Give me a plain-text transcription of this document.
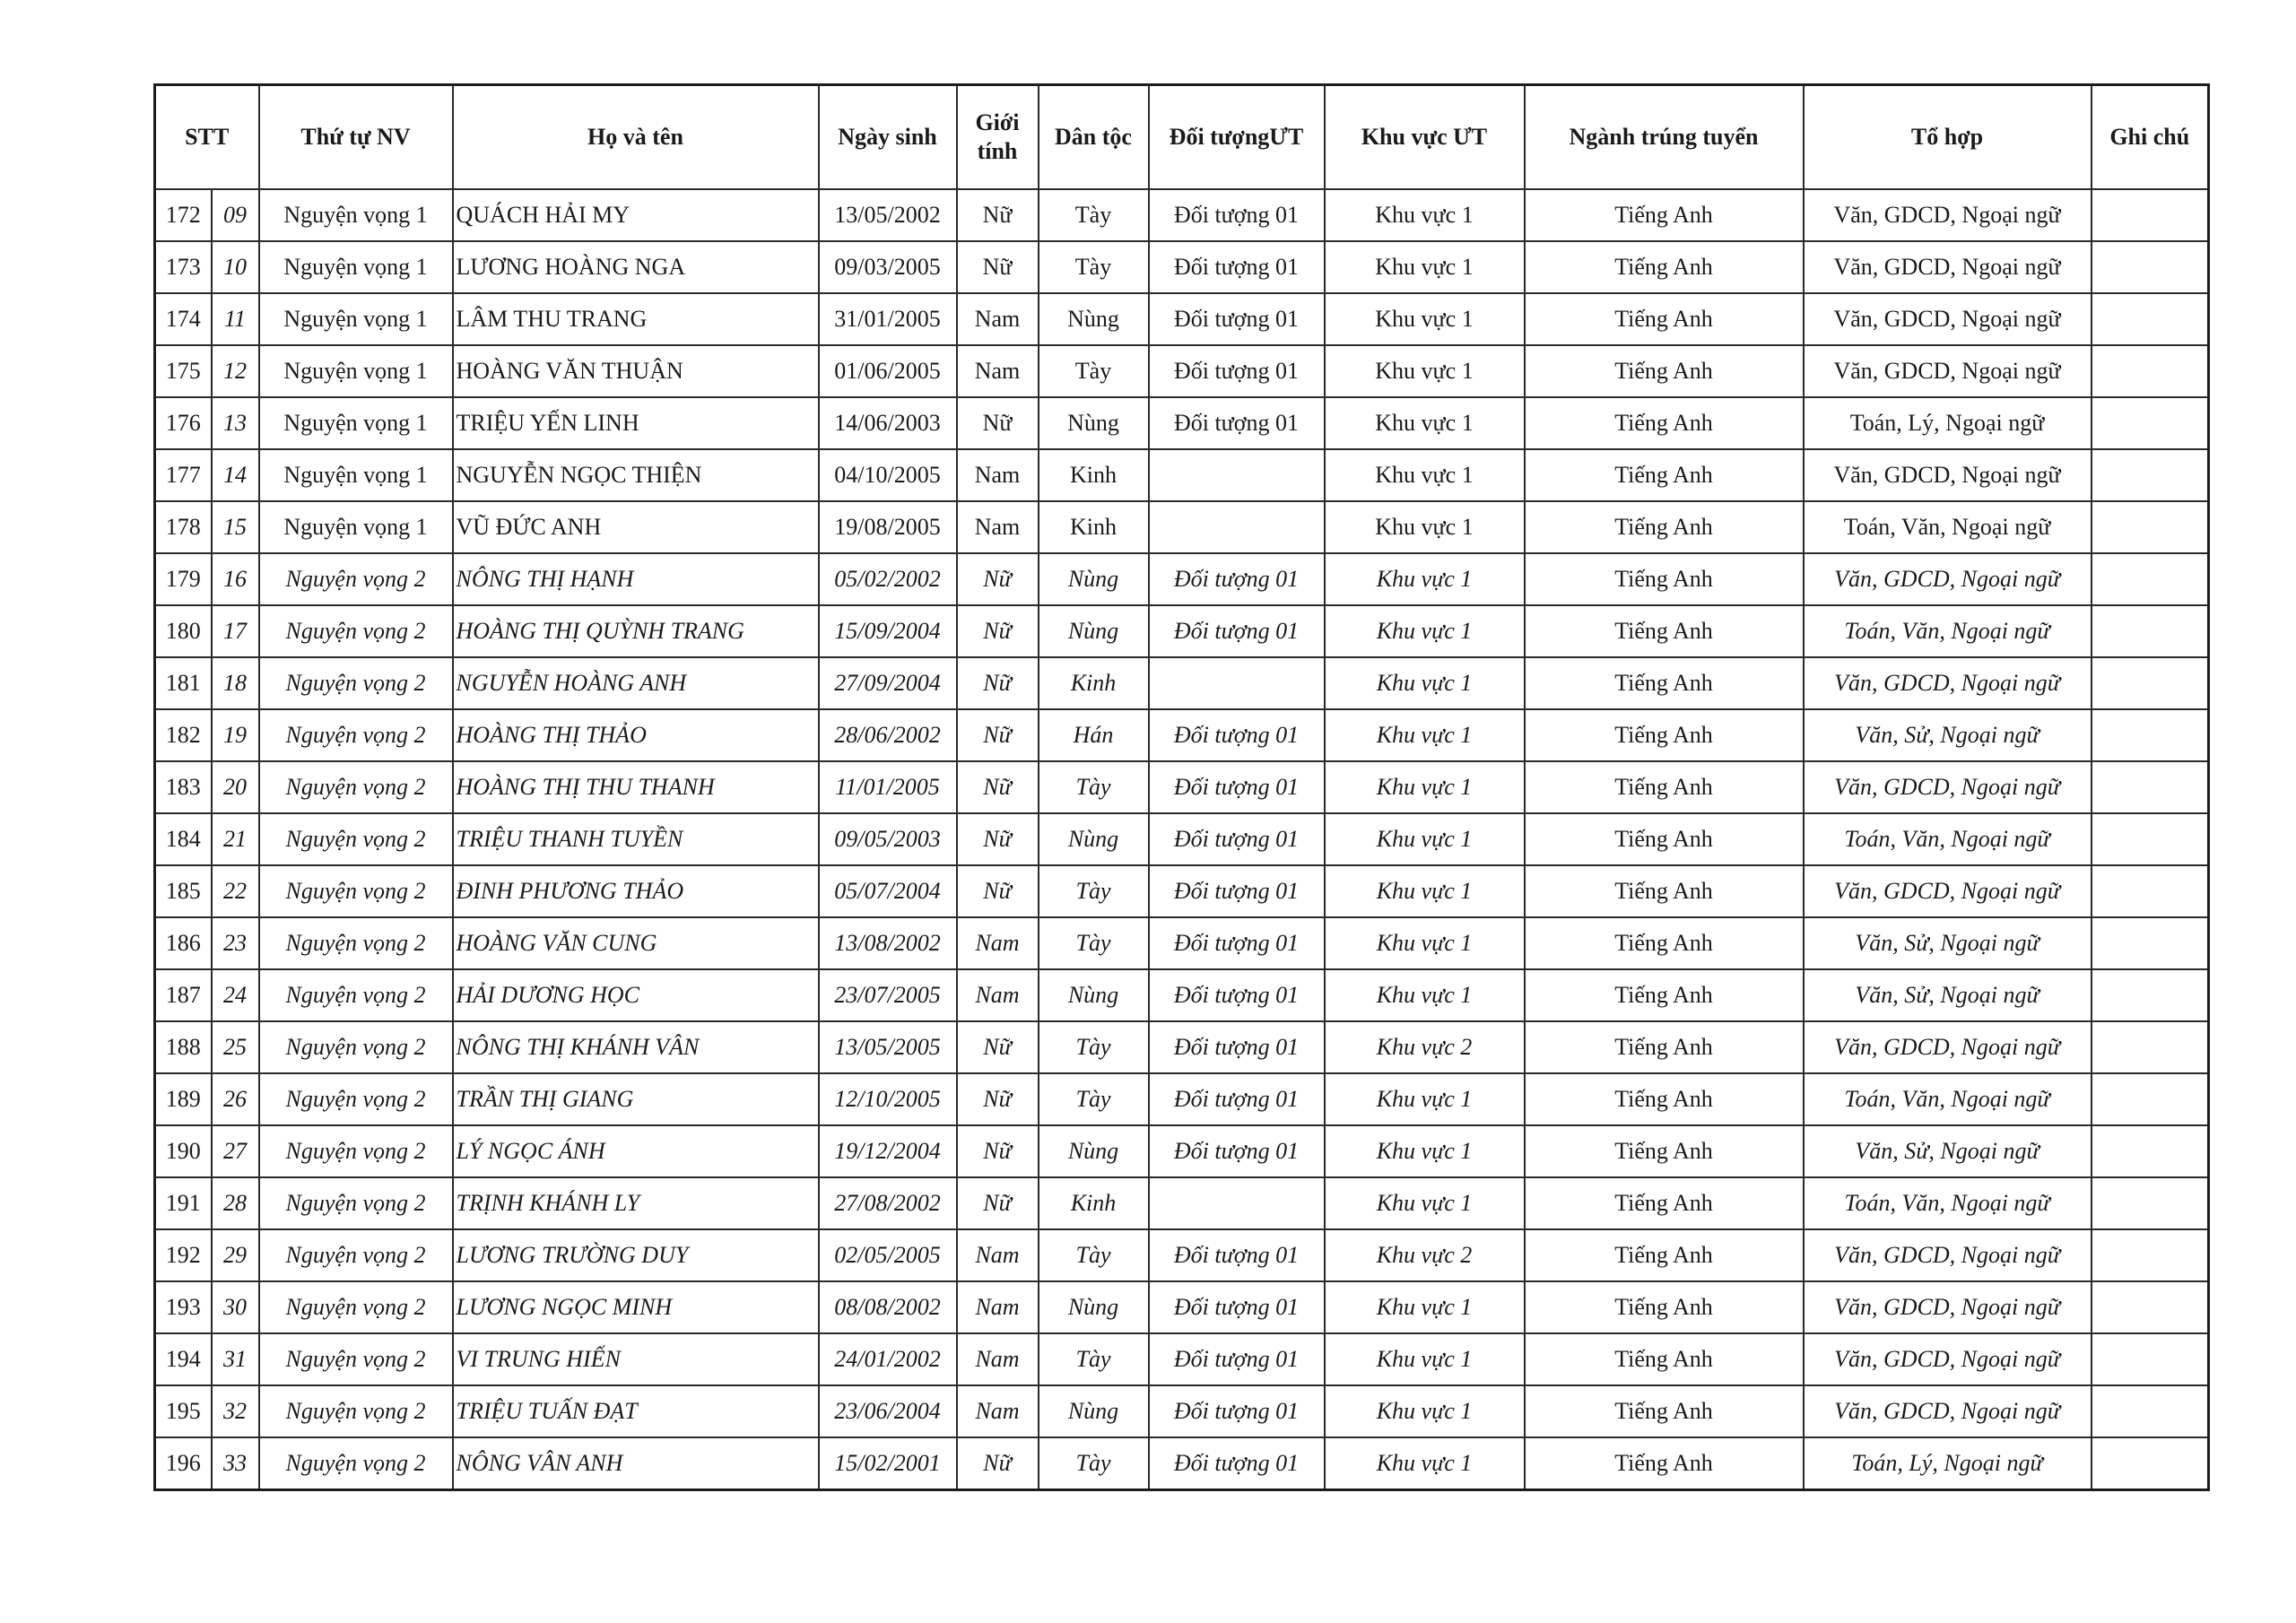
STT		Thứ tự NV	Họ và tên	Ngày sinh	Giới tính	Dân tộc	Đối tượngƯT	Khu vực ƯT	Ngành trúng tuyển	Tổ hợp	Ghi chú
172	09	Nguyện vọng 1	QUÁCH HẢI MY	13/05/2002	Nữ	Tày	Đối tượng 01	Khu vực 1	Tiếng Anh	Văn, GDCD, Ngoại ngữ	
173	10	Nguyện vọng 1	LƯƠNG HOÀNG NGA	09/03/2005	Nữ	Tày	Đối tượng 01	Khu vực 1	Tiếng Anh	Văn, GDCD, Ngoại ngữ	
174	11	Nguyện vọng 1	LÂM THU TRANG	31/01/2005	Nam	Nùng	Đối tượng 01	Khu vực 1	Tiếng Anh	Văn, GDCD, Ngoại ngữ	
175	12	Nguyện vọng 1	HOÀNG VĂN THUẬN	01/06/2005	Nam	Tày	Đối tượng 01	Khu vực 1	Tiếng Anh	Văn, GDCD, Ngoại ngữ	
176	13	Nguyện vọng 1	TRIỆU YẾN LINH	14/06/2003	Nữ	Nùng	Đối tượng 01	Khu vực 1	Tiếng Anh	Toán, Lý, Ngoại ngữ	
177	14	Nguyện vọng 1	NGUYỄN NGỌC THIỆN	04/10/2005	Nam	Kinh		Khu vực 1	Tiếng Anh	Văn, GDCD, Ngoại ngữ	
178	15	Nguyện vọng 1	VŨ ĐỨC ANH	19/08/2005	Nam	Kinh		Khu vực 1	Tiếng Anh	Toán, Văn, Ngoại ngữ	
179	16	Nguyện vọng 2	NÔNG THỊ HẠNH	05/02/2002	Nữ	Nùng	Đối tượng 01	Khu vực 1	Tiếng Anh	Văn, GDCD, Ngoại ngữ	
180	17	Nguyện vọng 2	HOÀNG THỊ QUỲNH TRANG	15/09/2004	Nữ	Nùng	Đối tượng 01	Khu vực 1	Tiếng Anh	Toán, Văn, Ngoại ngữ	
181	18	Nguyện vọng 2	NGUYỄN HOÀNG ANH	27/09/2004	Nữ	Kinh		Khu vực 1	Tiếng Anh	Văn, GDCD, Ngoại ngữ	
182	19	Nguyện vọng 2	HOÀNG THỊ THẢO	28/06/2002	Nữ	Hán	Đối tượng 01	Khu vực 1	Tiếng Anh	Văn, Sử, Ngoại ngữ	
183	20	Nguyện vọng 2	HOÀNG THỊ THU THANH	11/01/2005	Nữ	Tày	Đối tượng 01	Khu vực 1	Tiếng Anh	Văn, GDCD, Ngoại ngữ	
184	21	Nguyện vọng 2	TRIỆU THANH TUYỀN	09/05/2003	Nữ	Nùng	Đối tượng 01	Khu vực 1	Tiếng Anh	Toán, Văn, Ngoại ngữ	
185	22	Nguyện vọng 2	ĐINH PHƯƠNG THẢO	05/07/2004	Nữ	Tày	Đối tượng 01	Khu vực 1	Tiếng Anh	Văn, GDCD, Ngoại ngữ	
186	23	Nguyện vọng 2	HOÀNG VĂN CUNG	13/08/2002	Nam	Tày	Đối tượng 01	Khu vực 1	Tiếng Anh	Văn, Sử, Ngoại ngữ	
187	24	Nguyện vọng 2	HẢI DƯƠNG HỌC	23/07/2005	Nam	Nùng	Đối tượng 01	Khu vực 1	Tiếng Anh	Văn, Sử, Ngoại ngữ	
188	25	Nguyện vọng 2	NÔNG THỊ KHÁNH VÂN	13/05/2005	Nữ	Tày	Đối tượng 01	Khu vực 2	Tiếng Anh	Văn, GDCD, Ngoại ngữ	
189	26	Nguyện vọng 2	TRẦN THỊ GIANG	12/10/2005	Nữ	Tày	Đối tượng 01	Khu vực 1	Tiếng Anh	Toán, Văn, Ngoại ngữ	
190	27	Nguyện vọng 2	LÝ NGỌC ÁNH	19/12/2004	Nữ	Nùng	Đối tượng 01	Khu vực 1	Tiếng Anh	Văn, Sử, Ngoại ngữ	
191	28	Nguyện vọng 2	TRỊNH KHÁNH LY	27/08/2002	Nữ	Kinh		Khu vực 1	Tiếng Anh	Toán, Văn, Ngoại ngữ	
192	29	Nguyện vọng 2	LƯƠNG TRƯỜNG DUY	02/05/2005	Nam	Tày	Đối tượng 01	Khu vực 2	Tiếng Anh	Văn, GDCD, Ngoại ngữ	
193	30	Nguyện vọng 2	LƯƠNG NGỌC MINH	08/08/2002	Nam	Nùng	Đối tượng 01	Khu vực 1	Tiếng Anh	Văn, GDCD, Ngoại ngữ	
194	31	Nguyện vọng 2	VI TRUNG HIẾN	24/01/2002	Nam	Tày	Đối tượng 01	Khu vực 1	Tiếng Anh	Văn, GDCD, Ngoại ngữ	
195	32	Nguyện vọng 2	TRIỆU TUẤN ĐẠT	23/06/2004	Nam	Nùng	Đối tượng 01	Khu vực 1	Tiếng Anh	Văn, GDCD, Ngoại ngữ	
196	33	Nguyện vọng 2	NÔNG VÂN ANH	15/02/2001	Nữ	Tày	Đối tượng 01	Khu vực 1	Tiếng Anh	Toán, Lý, Ngoại ngữ	
